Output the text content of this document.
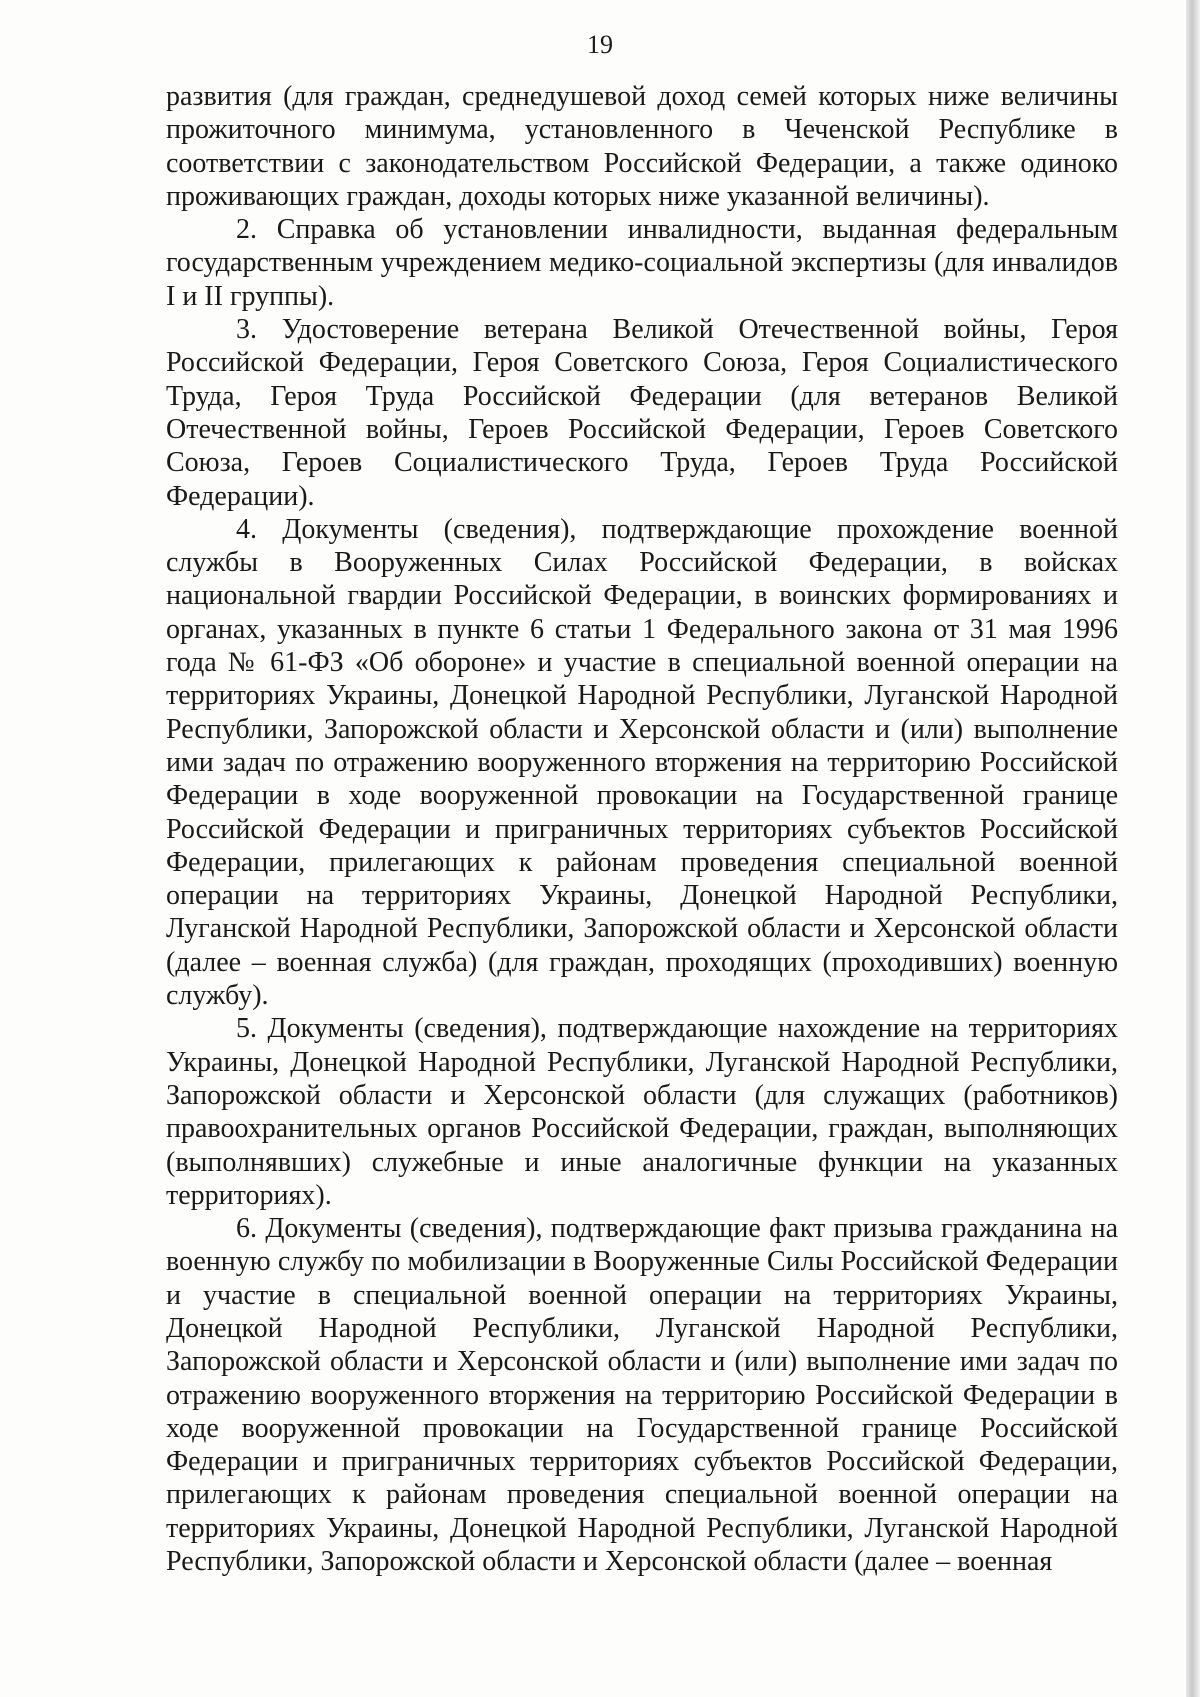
19

развития (для граждан, среднедушевой доход семей которых ниже величины прожиточного минимума, установленного в Чеченской Республике в соответствии с законодательством Российской Федерации, а также одиноко проживающих граждан, доходы которых ниже указанной величины).

2. Справка об установлении инвалидности, выданная федеральным государственным учреждением медико-социальной экспертизы (для инвалидов I и II группы).

3. Удостоверение ветерана Великой Отечественной войны, Героя Российской Федерации, Героя Советского Союза, Героя Социалистического Труда, Героя Труда Российской Федерации (для ветеранов Великой Отечественной войны, Героев Российской Федерации, Героев Советского Союза, Героев Социалистического Труда, Героев Труда Российской Федерации).

4. Документы (сведения), подтверждающие прохождение военной службы в Вооруженных Силах Российской Федерации, в войсках национальной гвардии Российской Федерации, в воинских формированиях и органах, указанных в пункте 6 статьи 1 Федерального закона от 31 мая 1996 года № 61-ФЗ «Об обороне» и участие в специальной военной операции на территориях Украины, Донецкой Народной Республики, Луганской Народной Республики, Запорожской области и Херсонской области и (или) выполнение ими задач по отражению вооруженного вторжения на территорию Российской Федерации в ходе вооруженной провокации на Государственной границе Российской Федерации и приграничных территориях субъектов Российской Федерации, прилегающих к районам проведения специальной военной операции на территориях Украины, Донецкой Народной Республики, Луганской Народной Республики, Запорожской области и Херсонской области (далее – военная служба) (для граждан, проходящих (проходивших) военную службу).

5. Документы (сведения), подтверждающие нахождение на территориях Украины, Донецкой Народной Республики, Луганской Народной Республики, Запорожской области и Херсонской области (для служащих (работников) правоохранительных органов Российской Федерации, граждан, выполняющих (выполнявших) служебные и иные аналогичные функции на указанных территориях).

6. Документы (сведения), подтверждающие факт призыва гражданина на военную службу по мобилизации в Вооруженные Силы Российской Федерации и участие в специальной военной операции на территориях Украины, Донецкой Народной Республики, Луганской Народной Республики, Запорожской области и Херсонской области и (или) выполнение ими задач по отражению вооруженного вторжения на территорию Российской Федерации в ходе вооруженной провокации на Государственной границе Российской Федерации и приграничных территориях субъектов Российской Федерации, прилегающих к районам проведения специальной военной операции на территориях Украины, Донецкой Народной Республики, Луганской Народной Республики, Запорожской области и Херсонской области (далее – военная
